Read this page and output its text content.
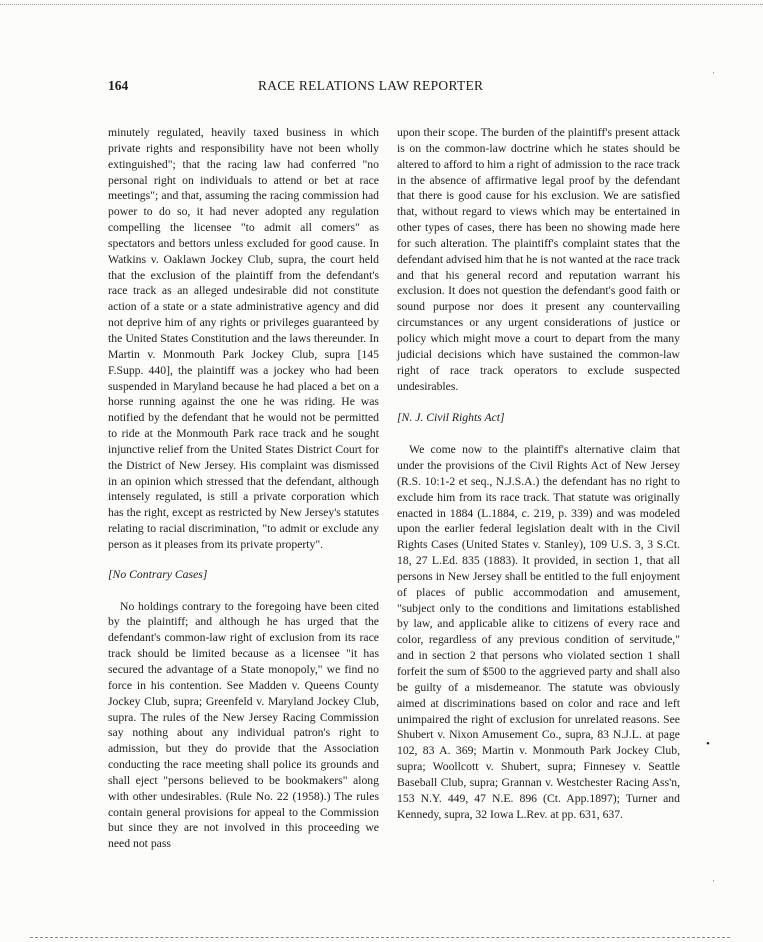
164	RACE RELATIONS LAW REPORTER

minutely regulated, heavily taxed business in which private rights and responsibility have not been wholly extinguished"; that the racing law had conferred "no personal right on individuals to attend or bet at race meetings"; and that, assuming the racing commission had power to do so, it had never adopted any regulation compelling the licensee "to admit all comers" as spectators and bettors unless excluded for good cause. In Watkins v. Oaklawn Jockey Club, supra, the court held that the exclusion of the plaintiff from the defendant's race track as an alleged undesirable did not constitute action of a state or a state administrative agency and did not deprive him of any rights or privileges guaranteed by the United States Constitution and the laws thereunder. In Martin v. Monmouth Park Jockey Club, supra [145 F.Supp. 440], the plaintiff was a jockey who had been suspended in Maryland because he had placed a bet on a horse running against the one he was riding. He was notified by the defendant that he would not be permitted to ride at the Monmouth Park race track and he sought injunctive relief from the United States District Court for the District of New Jersey. His complaint was dismissed in an opinion which stressed that the defendant, although intensely regulated, is still a private corporation which has the right, except as restricted by New Jersey's statutes relating to racial discrimination, "to admit or exclude any person as it pleases from its private property".

[No Contrary Cases]

No holdings contrary to the foregoing have been cited by the plaintiff; and although he has urged that the defendant's common-law right of exclusion from its race track should be limited because as a licensee "it has secured the advantage of a State monopoly," we find no force in his contention. See Madden v. Queens County Jockey Club, supra; Greenfeld v. Maryland Jockey Club, supra. The rules of the New Jersey Racing Commission say nothing about any individual patron's right to admission, but they do provide that the Association conducting the race meeting shall police its grounds and shall eject "persons believed to be bookmakers" along with other undesirables. (Rule No. 22 (1958).) The rules contain general provisions for appeal to the Commission but since they are not involved in this proceeding we need not pass

upon their scope. The burden of the plaintiff's present attack is on the common-law doctrine which he states should be altered to afford to him a right of admission to the race track in the absence of affirmative legal proof by the defendant that there is good cause for his exclusion. We are satisfied that, without regard to views which may be entertained in other types of cases, there has been no showing made here for such alteration. The plaintiff's complaint states that the defendant advised him that he is not wanted at the race track and that his general record and reputation warrant his exclusion. It does not question the defendant's good faith or sound purpose nor does it present any countervailing circumstances or any urgent considerations of justice or policy which might move a court to depart from the many judicial decisions which have sustained the common-law right of race track operators to exclude suspected undesirables.

[N. J. Civil Rights Act]

We come now to the plaintiff's alternative claim that under the provisions of the Civil Rights Act of New Jersey (R.S. 10:1-2 et seq., N.J.S.A.) the defendant has no right to exclude him from its race track. That statute was originally enacted in 1884 (L.1884, c. 219, p. 339) and was modeled upon the earlier federal legislation dealt with in the Civil Rights Cases (United States v. Stanley), 109 U.S. 3, 3 S.Ct. 18, 27 L.Ed. 835 (1883). It provided, in section 1, that all persons in New Jersey shall be entitled to the full enjoyment of places of public accommodation and amusement, "subject only to the conditions and limitations established by law, and applicable alike to citizens of every race and color, regardless of any previous condition of servitude," and in section 2 that persons who violated section 1 shall forfeit the sum of $500 to the aggrieved party and shall also be guilty of a misdemeanor. The statute was obviously aimed at discriminations based on color and race and left unimpaired the right of exclusion for unrelated reasons. See Shubert v. Nixon Amusement Co., supra, 83 N.J.L. at page 102, 83 A. 369; Martin v. Monmouth Park Jockey Club, supra; Woollcott v. Shubert, supra; Finnesey v. Seattle Baseball Club, supra; Grannan v. Westchester Racing Ass'n, 153 N.Y. 449, 47 N.E. 896 (Ct. App.1897); Turner and Kennedy, supra, 32 Iowa L.Rev. at pp. 631, 637.

⋅
•
⋅
